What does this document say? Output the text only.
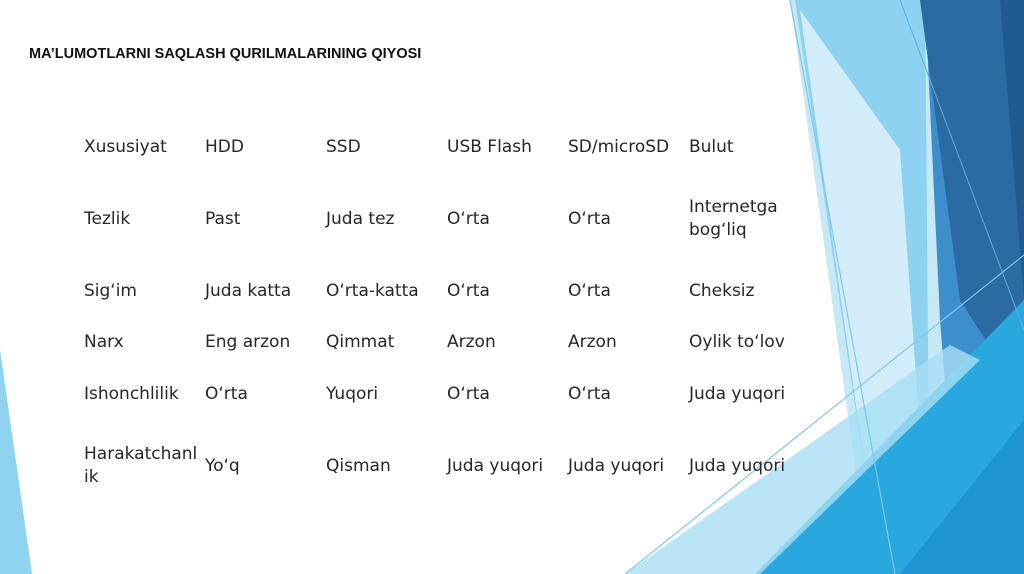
MA’LUMOTLARNI SAQLASH QURILMALARINING QIYOSI
Xususiyat	HDD	SSD	USB Flash	SD/microSD	Bulut
Tezlik	Past	Juda tez	O‘rta	O‘rta	Internetga bog‘liq
Sig‘im	Juda katta	O‘rta-katta	O‘rta	O‘rta	Cheksiz
Narx	Eng arzon	Qimmat	Arzon	Arzon	Oylik to‘lov
Ishonchlilik	O‘rta	Yuqori	O‘rta	O‘rta	Juda yuqori
Harakatchanlik	Yo‘q	Qisman	Juda yuqori	Juda yuqori	Juda yuqori
